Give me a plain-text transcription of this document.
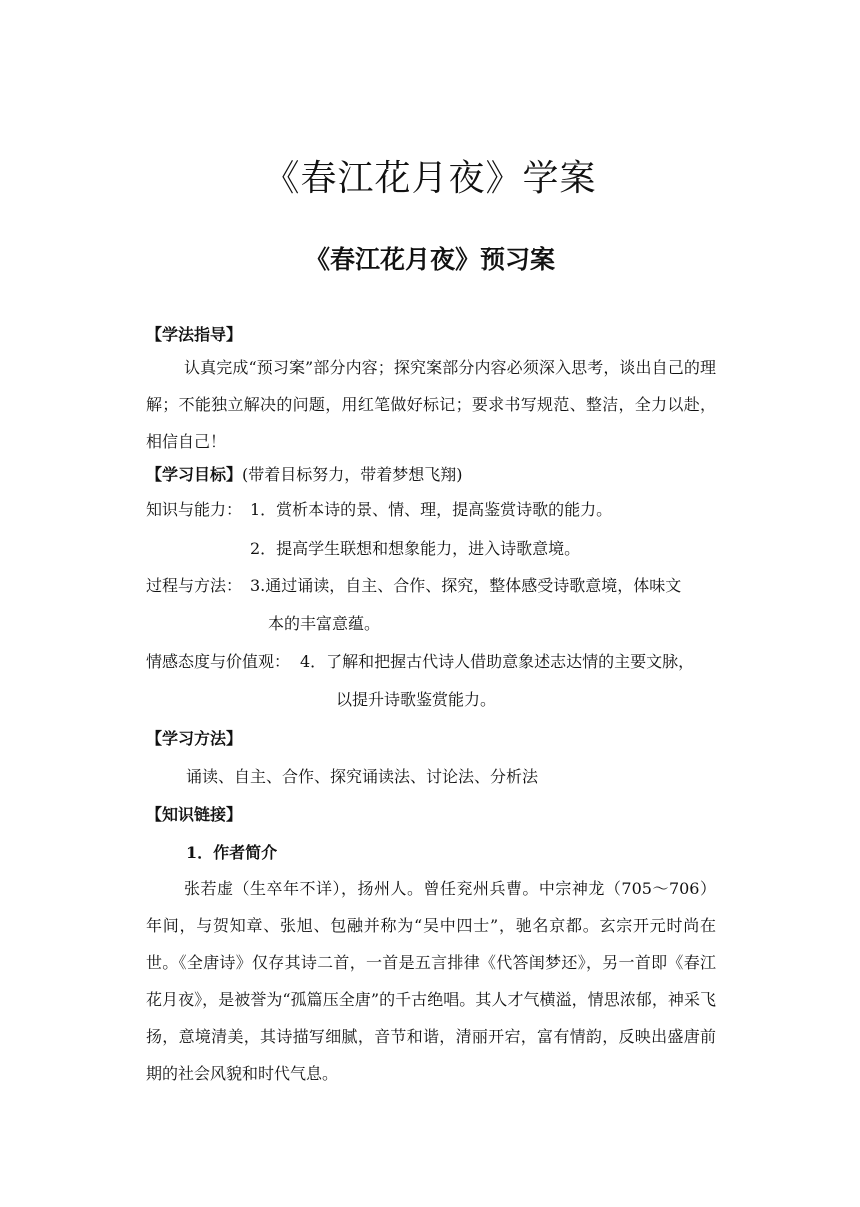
《春江花月夜》学案
《春江花月夜》预习案
【学法指导】
认真完成“预习案”部分内容；探究案部分内容必须深入思考，谈出自己的理解；不能独立解决的问题，用红笔做好标记；要求书写规范、整洁，全力以赴，相信自己！
【学习目标】(带着目标努力，带着梦想飞翔)
知识与能力： 1．赏析本诗的景、情、理，提高鉴赏诗歌的能力。
2．提高学生联想和想象能力，进入诗歌意境。
过程与方法： 3.通过诵读，自主、合作、探究，整体感受诗歌意境，体味文
本的丰富意蕴。
情感态度与价值观： 4．了解和把握古代诗人借助意象述志达情的主要文脉，
以提升诗歌鉴赏能力。
【学习方法】
诵读、自主、合作、探究诵读法、讨论法、分析法
【知识链接】
1．作者简介
张若虚（生卒年不详），扬州人。曾任兖州兵曹。中宗神龙（705～706）年间，与贺知章、张旭、包融并称为“吴中四士”，驰名京都。玄宗开元时尚在世。《全唐诗》仅存其诗二首，一首是五言排律《代答闺梦还》，另一首即《春江花月夜》，是被誉为“孤篇压全唐”的千古绝唱。其人才气横溢，情思浓郁，神采飞扬，意境清美，其诗描写细腻，音节和谐，清丽开宕，富有情韵，反映出盛唐前期的社会风貌和时代气息。
